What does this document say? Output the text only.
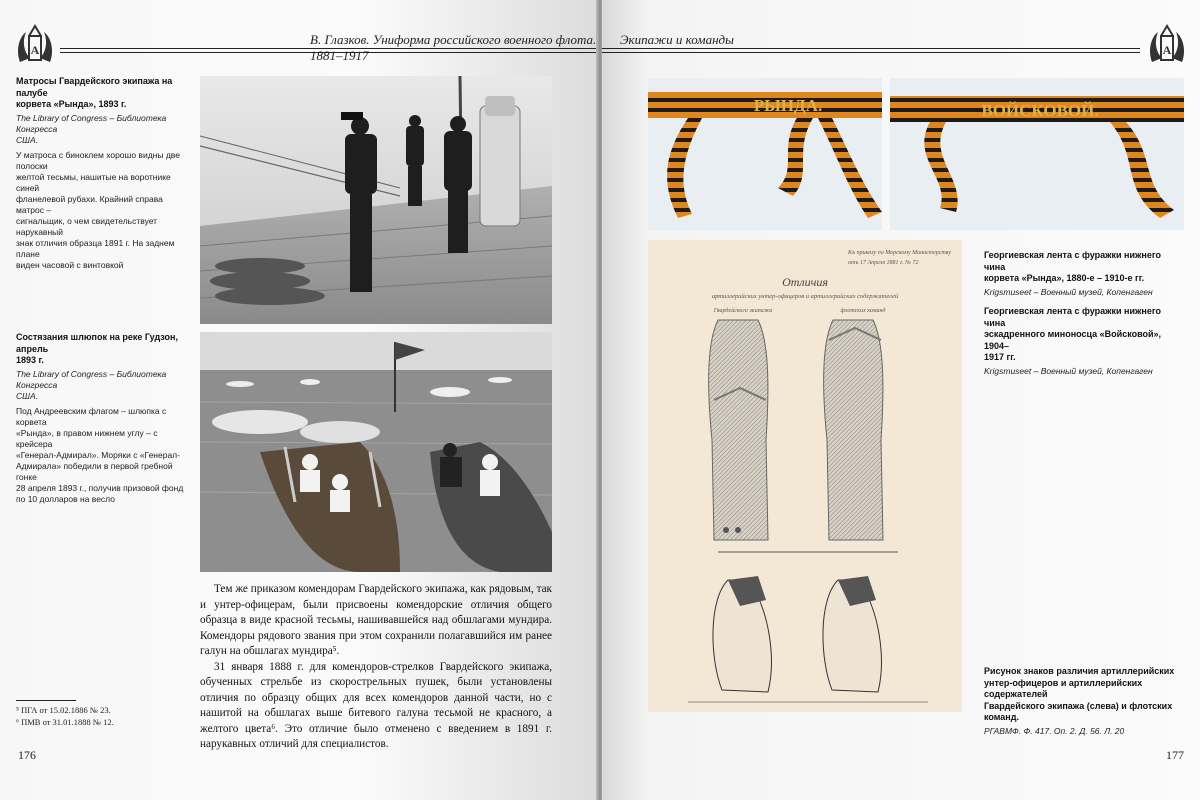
А
В. Глазков. Униформа российского военного флота. 1881–1917
Матросы Гвардейского экипажа на палубе
корвета «Рында», 1893 г.
The Library of Congress – Библиотека Конгресса
США.
У матроса с биноклем хорошо видны две полоски
желтой тесьмы, нашитые на воротнике синей
фланелевой рубахи. Крайний справа матрос –
сигнальщик, о чем свидетельствует нарукавный
знак отличия образца 1891 г. На заднем плане
виден часовой с винтовкой
Состязания шлюпок на реке Гудзон, апрель
1893 г.
The Library of Congress – Библиотека Конгресса
США.
Под Андреевским флагом – шлюпка с корвета
«Рында», в правом нижнем углу – с крейсера
«Генерал-Адмирал». Моряки с «Генерал-
Адмирала» победили в первой гребной гонке
28 апреля 1893 г., получив призовой фонд
по 10 долларов на весло

Тем же приказом комендорам Гвардейского экипажа, как рядовым, так и унтер-офицерам, были присвоены комендорские отличия общего образца в виде красной тесьмы, нашивавшейся над обшлагами мундира. Комендоры рядового звания при этом сохранили полагавшийся им ранее галун на обшлагах мундира⁵.

31 января 1888 г. для комендоров-стрелков Гвардейского экипажа, обученных стрельбе из скорострельных пушек, были установлены отличия по образцу общих для всех комендоров данной части, но с нашитой на обшлагах выше битевого галуна тесьмой не красного, а желтого цвета⁶. Это отличие было отменено с введением в 1891 г. нарукавных отличий для специалистов.

⁵ ПГА от 15.02.1886 № 23.
⁶ ПМВ от 31.01.1888 № 12.
176
Экипажи и команды
А
РЫНДА.	ВОЙСКОВОЙ.
Къ приказу по Морскому Министерству
отъ 17 Апреля 1881 г. № 72
Отличия
артиллерийских унтер-офицеров и артиллерийских содержателей
Гвардейского экипажа	флотских команд
Георгиевская лента с фуражки нижнего чина
корвета «Рында», 1880-е – 1910-е гг.
Krigsmuseet – Военный музей, Копенгаген
Георгиевская лента с фуражки нижнего чина
эскадренного миноносца «Войсковой», 1904–
1917 гг.
Krigsmuseet – Военный музей, Копенгаген
Рисунок знаков различия артиллерийских
унтер-офицеров и артиллерийских содержателей
Гвардейского экипажа (слева) и флотских команд.
РГАВМФ. Ф. 417. Оп. 2. Д. 56. Л. 20
177
